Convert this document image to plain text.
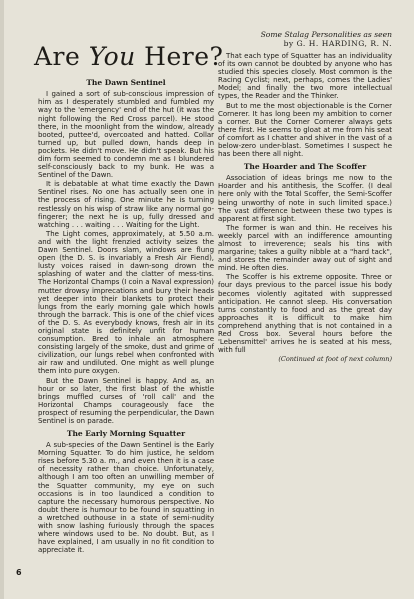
Are You Here?
The Dawn Sentinel

I gained a sort of sub-conscious impression of him as I desperately stumbled and fumbled my way to the 'emergency' end of the hut (it was the night following the Red Cross parcel). He stood there, in the moonlight from the window, already booted, puttee'd, overcoated and hatted. Collar turned up, but pulled down, hands deep in pockets. He didn't move. He didn't speak. But his dim form seemed to condemn me as I blundered self-consciously back to my bunk. He was a Sentinel of the Dawn.

It is debatable at what time exactly the Dawn Sentinel rises. No one has actually seen one in the process of rising. One minute he is turning restlessly on his wisp of straw like any normal go-fingerer; the next he is up, fully dressed and watching . . . waiting . . . Waiting for the Light.

The Light comes, approximately, at 5.50 a.m. and with the light frenzied activity seizes the Dawn Sentinel. Doors slam, windows are flung open (the D. S. is invariably a Fresh Air Fiend), lusty voices raised in dawn-song drown the splashing of water and the clatter of mess-tins. The Horizontal Champs (I coin a Naval expression) mutter drowsy imprecations and bury their heads yet deeper into their blankets to protect their lungs from the early morning gale which howls through the barrack. This is one of the chief vices of the D. S. As everybody knows, fresh air in its original state is definitely unfit for human consumption. Bred to inhale an atmosphere consisting largely of the smoke, dust and grime of civilization, our lungs rebel when confronted with air raw and undiluted. One might as well plunge them into pure oxygen.

But the Dawn Sentinel is happy. And as, an hour or so later, the first blast of the whistle brings muffled curses of 'roll call' and the Horizontal Champs courageously face the prospect of resuming the perpendicular, the Dawn Sentinel is on parade.

The Early Morning Squatter

A sub-species of the Dawn Sentinel is the Early Morning Squatter. To do him justice, he seldom rises before 5.30 a. m., and even then it is a case of necessity rather than choice. Unfortunately, although I am too often an unwilling member of the Squatter community, my eye on such occasions is in too laundiced a condition to capture the necessary humorous perspective. No doubt there is humour to be found in squatting in a wretched outhouse in a state of semi-nudity with snow lashing furiously through the spaces where windows used to be. No doubt. But, as I have explained, I am usually in no fit condition to appreciate it.

Some Stalag Personalities as seen

by G. H. HARDING, R. N.

That each type of Squatter has an individuality of its own cannot be doubted by anyone who has studied this species closely. Most common is the Racing Cyclist; next, perhaps, comes the Ladies' Model; and finally the two more intellectual types, the Reader and the Thinker.

But to me the most objectionable is the Corner Cornerer. It has long been my ambition to corner a corner. But the Corner Cornerer always gets there first. He seems to gloat at me from his seat of comfort as I chatter and shiver in the vast of a below-zero under-blast. Sometimes I suspect he has been there all night.

The Hoarder and The Scoffer

Association of ideas brings me now to the Hoarder and his antithesis, the Scoffer. (I deal here only with the Total Scoffer, the Semi-Scoffer being unworthy of note in such limited space.) The vast difference between these two types is apparent at first sight.

The former is wan and thin. He receives his weekly parcel with an indifference amounting almost to irreverence; seals his tins with margarine; takes a guilty nibble at a "hard tack", and stores the remainder away out of sight and mind. He often dies.

The Scoffer is his extreme opposite. Three or four days previous to the parcel issue his body becomes violently agitated with suppressed anticipation. He cannot sleep. His conversation turns constantly to food and as the great day approaches it is difficult to make him comprehend anything that is not contained in a Red Cross box. Several hours before the 'Lebensmittel' arrives he is seated at his mess, with full

(Continued at foot of next column)

6
